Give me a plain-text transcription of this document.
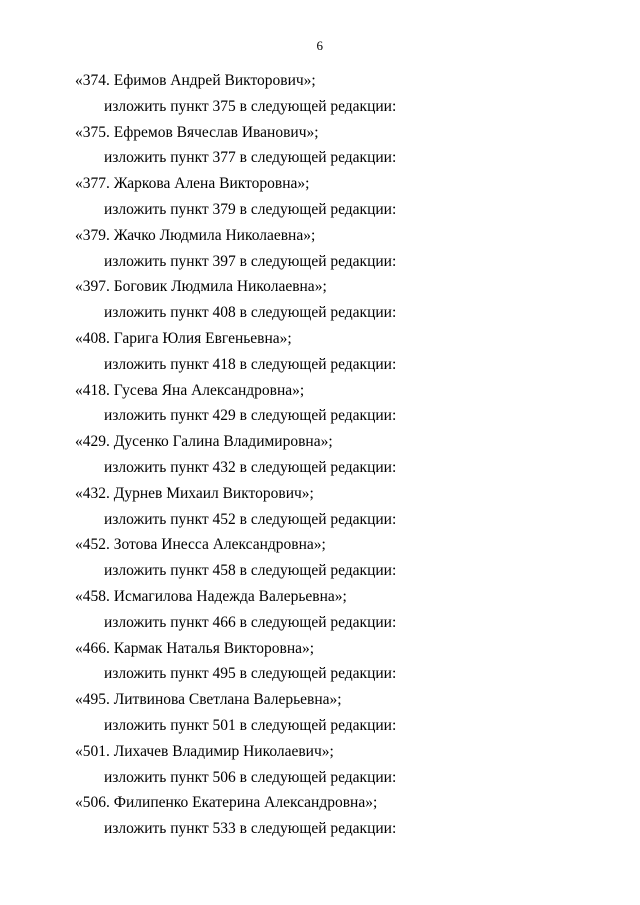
6
«374. Ефимов Андрей Викторович»;
изложить пункт 375 в следующей редакции:
«375. Ефремов Вячеслав Иванович»;
изложить пункт 377 в следующей редакции:
«377. Жаркова Алена Викторовна»;
изложить пункт 379 в следующей редакции:
«379. Жачко Людмила Николаевна»;
изложить пункт 397 в следующей редакции:
«397. Боговик Людмила Николаевна»;
изложить пункт 408 в следующей редакции:
«408. Гарига Юлия Евгеньевна»;
изложить пункт 418 в следующей редакции:
«418. Гусева Яна Александровна»;
изложить пункт 429 в следующей редакции:
«429. Дусенко Галина Владимировна»;
изложить пункт 432 в следующей редакции:
«432. Дурнев Михаил Викторович»;
изложить пункт 452 в следующей редакции:
«452. Зотова Инесса Александровна»;
изложить пункт 458 в следующей редакции:
«458. Исмагилова Надежда Валерьевна»;
изложить пункт 466 в следующей редакции:
«466. Кармак Наталья Викторовна»;
изложить пункт 495 в следующей редакции:
«495. Литвинова Светлана Валерьевна»;
изложить пункт 501 в следующей редакции:
«501. Лихачев Владимир Николаевич»;
изложить пункт 506 в следующей редакции:
«506. Филипенко Екатерина Александровна»;
изложить пункт 533 в следующей редакции:
